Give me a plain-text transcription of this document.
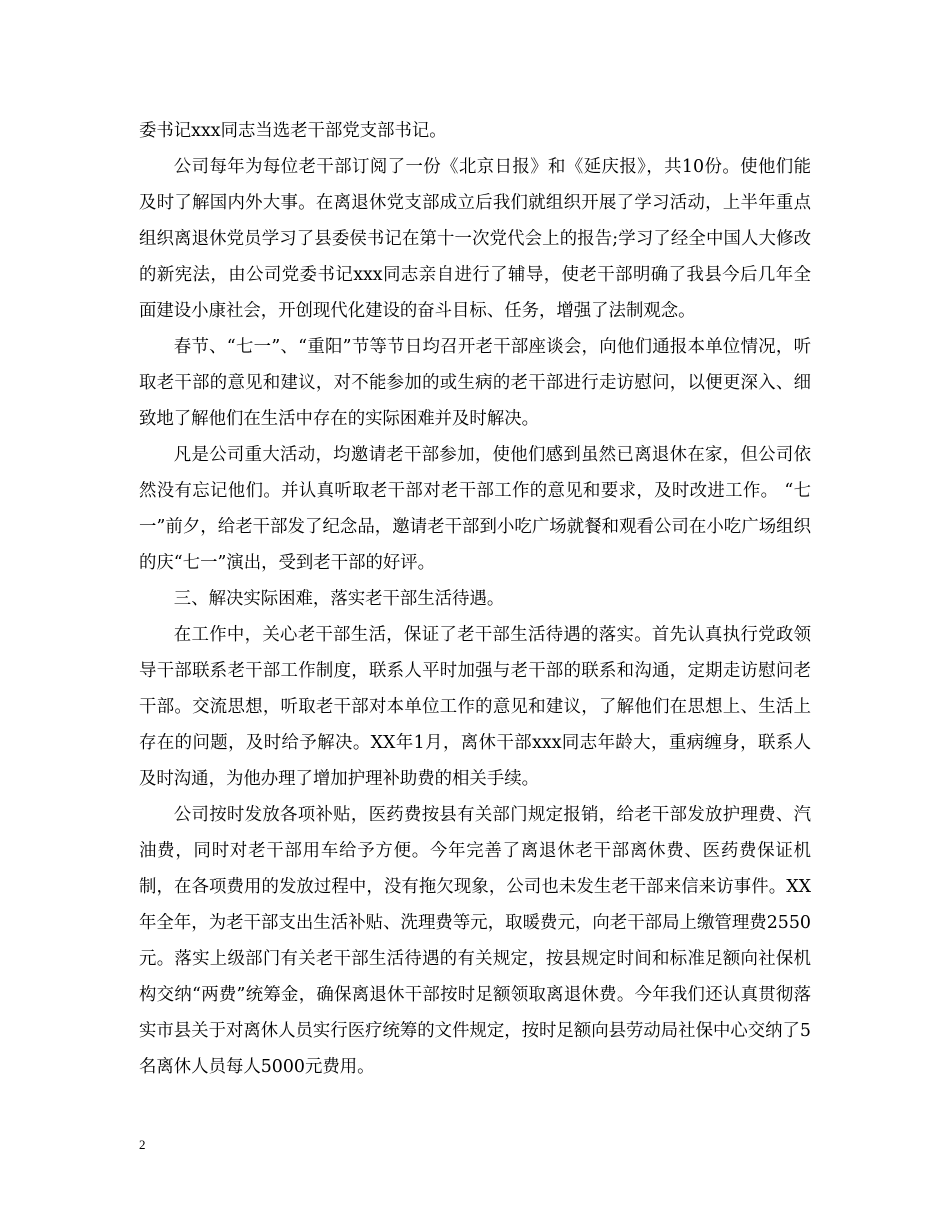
委书记xxx同志当选老干部党支部书记。

公司每年为每位老干部订阅了一份《北京日报》和《延庆报》，共10份。使他们能及时了解国内外大事。在离退休党支部成立后我们就组织开展了学习活动，上半年重点组织离退休党员学习了县委侯书记在第十一次党代会上的报告;学习了经全中国人大修改的新宪法，由公司党委书记xxx同志亲自进行了辅导，使老干部明确了我县今后几年全面建设小康社会，开创现代化建设的奋斗目标、任务，增强了法制观念。

春节、“七一”、“重阳”节等节日均召开老干部座谈会，向他们通报本单位情况，听取老干部的意见和建议，对不能参加的或生病的老干部进行走访慰问，以便更深入、细致地了解他们在生活中存在的实际困难并及时解决。

凡是公司重大活动，均邀请老干部参加，使他们感到虽然已离退休在家，但公司依然没有忘记他们。并认真听取老干部对老干部工作的意见和要求，及时改进工作。 “七一”前夕，给老干部发了纪念品，邀请老干部到小吃广场就餐和观看公司在小吃广场组织的庆“七一”演出，受到老干部的好评。

三、解决实际困难，落实老干部生活待遇。

在工作中，关心老干部生活，保证了老干部生活待遇的落实。首先认真执行党政领导干部联系老干部工作制度，联系人平时加强与老干部的联系和沟通，定期走访慰问老干部。交流思想，听取老干部对本单位工作的意见和建议，了解他们在思想上、生活上存在的问题，及时给予解决。XX年1月，离休干部xxx同志年龄大，重病缠身，联系人及时沟通，为他办理了增加护理补助费的相关手续。

公司按时发放各项补贴，医药费按县有关部门规定报销，给老干部发放护理费、汽油费，同时对老干部用车给予方便。今年完善了离退休老干部离休费、医药费保证机制，在各项费用的发放过程中，没有拖欠现象，公司也未发生老干部来信来访事件。XX年全年，为老干部支出生活补贴、洗理费等元，取暖费元，向老干部局上缴管理费2550元。落实上级部门有关老干部生活待遇的有关规定，按县规定时间和标准足额向社保机构交纳“两费”统筹金，确保离退休干部按时足额领取离退休费。今年我们还认真贯彻落实市县关于对离休人员实行医疗统筹的文件规定，按时足额向县劳动局社保中心交纳了5名离休人员每人5000元费用。

2
